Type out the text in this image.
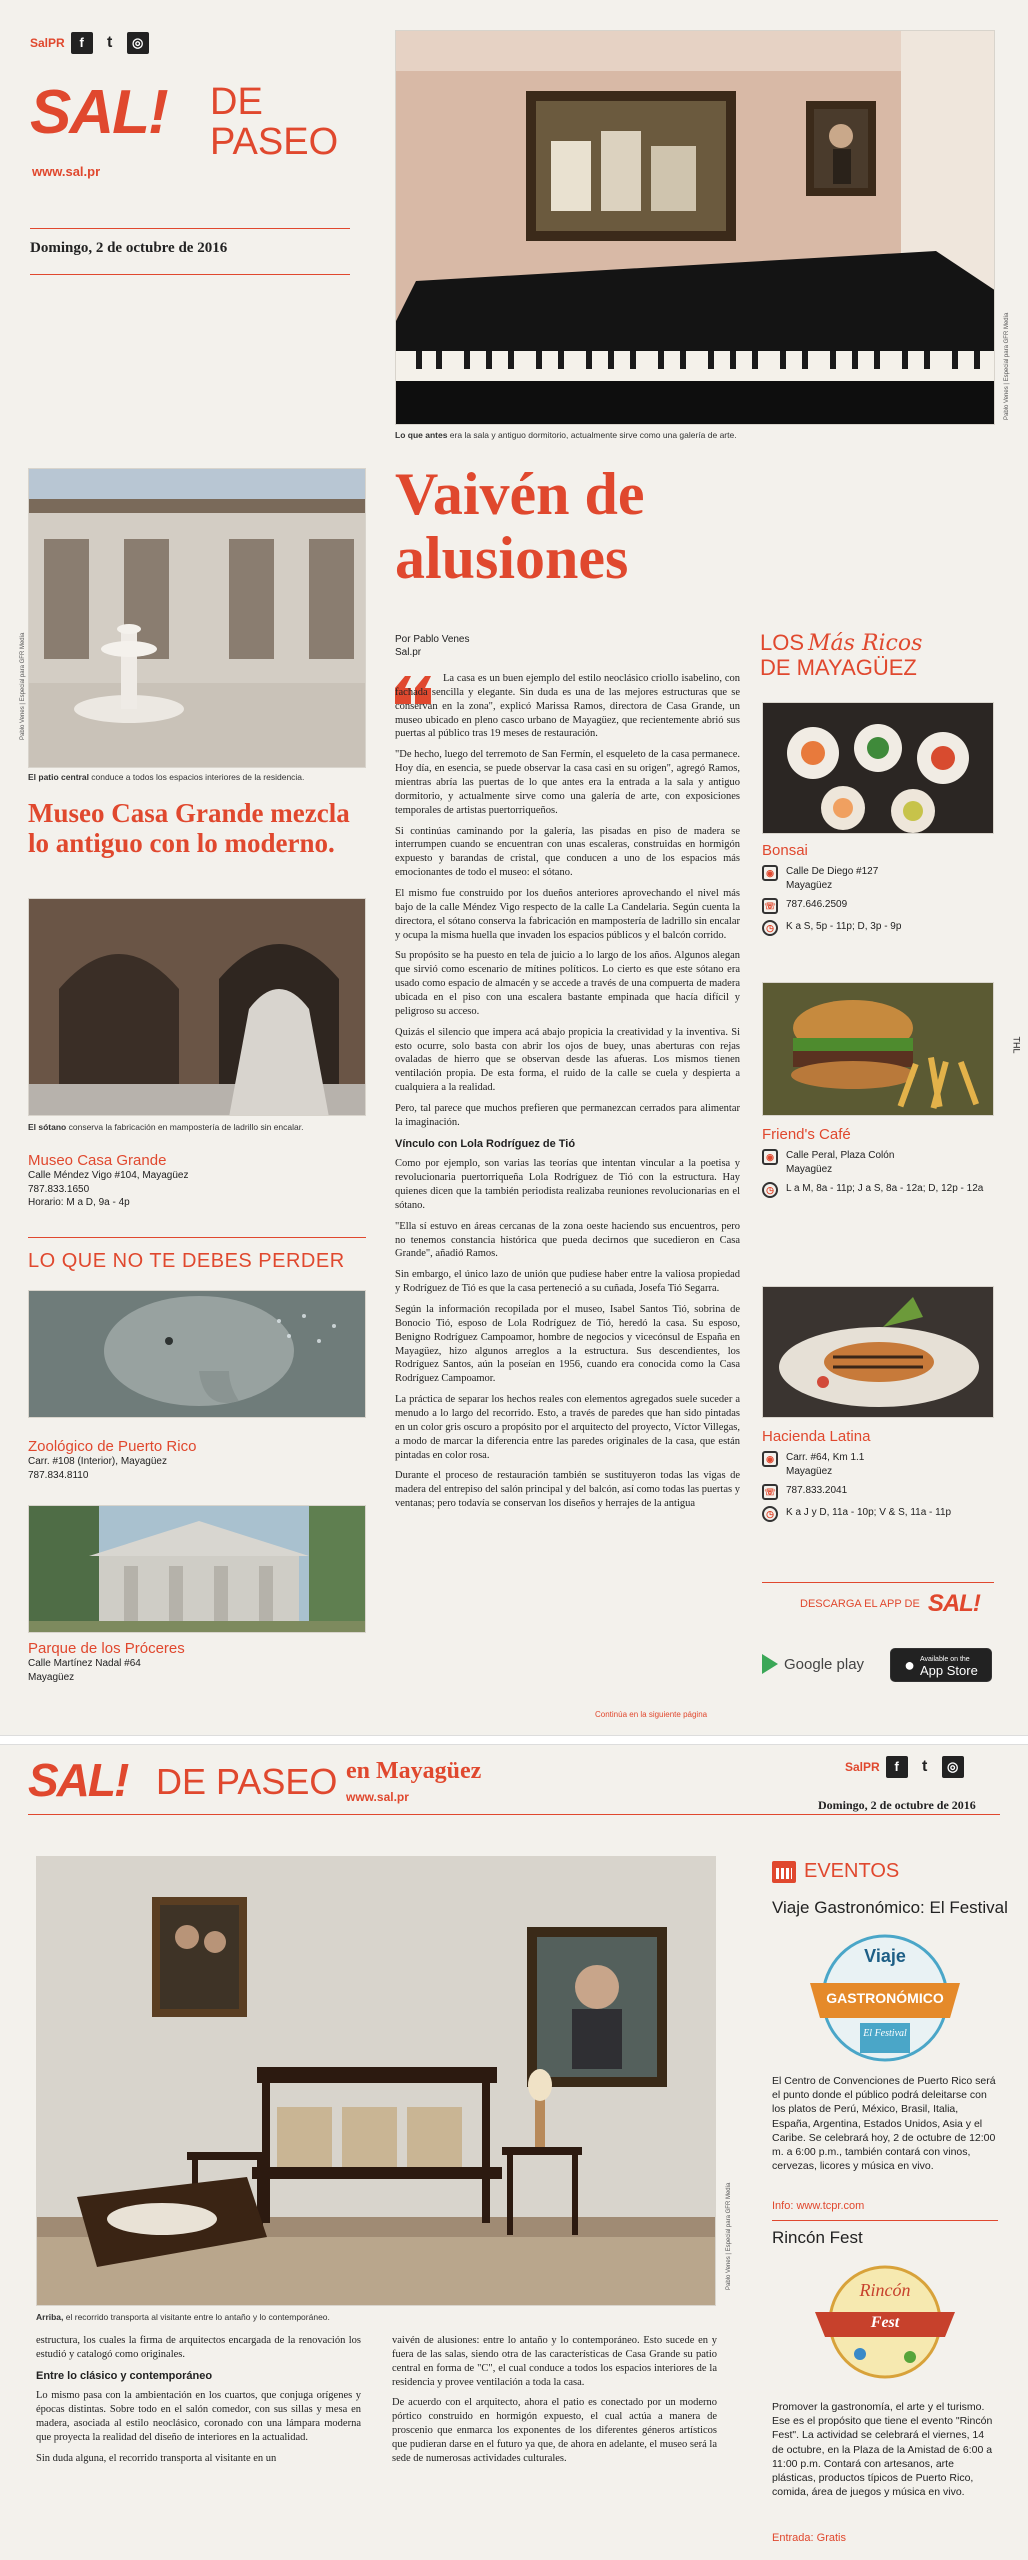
SalPR	f	t	◎
SAL! DE
PASEO
www.sal.pr
Domingo, 2 de octubre de 2016
Pablo Venes | Especial para GFR Media
Lo que antes era la sala y antiguo dormitorio, actualmente sirve como una galería de arte.
Pablo Venes | Especial para GFR Media
El patio central conduce a todos los espacios interiores de la residencia.
Museo Casa Grande mezcla lo antiguo con lo moderno.
El sótano conserva la fabricación en mampostería de ladrillo sin encalar.
Museo Casa Grande
Calle Méndez Vigo #104, Mayagüez
787.833.1650
Horario: M a D, 9a - 4p
LO QUE NO TE DEBES PERDER
Zoológico de Puerto Rico
Carr. #108 (Interior), Mayagüez
787.834.8110
Parque de los Próceres
Calle Martínez Nadal #64
Mayagüez
Vaivén de alusiones
Por Pablo Venes
Sal.pr

La casa es un buen ejemplo del estilo neoclásico criollo isabelino, con fachada sencilla y elegante. Sin duda es una de las mejores estructuras que se conservan en la zona", explicó Marissa Ramos, directora de Casa Grande, un museo ubicado en pleno casco urbano de Mayagüez, que recientemente abrió sus puertas al público tras 19 meses de restauración.

"De hecho, luego del terremoto de San Fermín, el esqueleto de la casa permanece. Hoy día, en esencia, se puede observar la casa casi en su origen", agregó Ramos, mientras abría las puertas de lo que antes era la entrada a la sala y antiguo dormitorio, y actualmente sirve como una galería de arte, con exposiciones temporales de artistas puertorriqueños.

Si continúas caminando por la galería, las pisadas en piso de madera se interrumpen cuando se encuentran con unas escaleras, construidas en hormigón expuesto y barandas de cristal, que conducen a uno de los espacios más emocionantes de todo el museo: el sótano.

El mismo fue construido por los dueños anteriores aprovechando el nivel más bajo de la calle Méndez Vigo respecto de la calle La Candelaria. Según cuenta la directora, el sótano conserva la fabricación en mampostería de ladrillo sin encalar y ocupa la misma huella que invaden los espacios públicos y el balcón corrido.

Su propósito se ha puesto en tela de juicio a lo largo de los años. Algunos alegan que sirvió como escenario de mítines políticos. Lo cierto es que este sótano era usado como espacio de almacén y se accede a través de una compuerta de madera ubicada en el piso con una escalera bastante empinada que hacía difícil y peligroso su acceso.

Quizás el silencio que impera acá abajo propicia la creatividad y la inventiva. Si esto ocurre, solo basta con abrir los ojos de buey, unas aberturas con rejas ovaladas de hierro que se observan desde las afueras. Los mismos tienen ventilación propia. De esta forma, el ruido de la calle se cuela y despierta a cualquiera a la realidad.

Pero, tal parece que muchos prefieren que permanezcan cerrados para alimentar la imaginación.

Vínculo con Lola Rodríguez de Tió

Como por ejemplo, son varias las teorías que intentan vincular a la poetisa y revolucionaria puertorriqueña Lola Rodríguez de Tió con la estructura. Hay quienes dicen que la también periodista realizaba reuniones revolucionarias en el sótano.

"Ella sí estuvo en áreas cercanas de la zona oeste haciendo sus encuentros, pero no tenemos constancia histórica que pueda decirnos que sucedieron en Casa Grande", añadió Ramos.

Sin embargo, el único lazo de unión que pudiese haber entre la valiosa propiedad y Rodríguez de Tió es que la casa perteneció a su cuñada, Josefa Tió Segarra.

Según la información recopilada por el museo, Isabel Santos Tió, sobrina de Bonocio Tió, esposo de Lola Rodríguez de Tió, heredó la casa. Su esposo, Benigno Rodríguez Campoamor, hombre de negocios y vicecónsul de España en Mayagüez, hizo algunos arreglos a la estructura. Sus descendientes, los Rodríguez Santos, aún la poseían en 1956, cuando era conocida como la Casa Rodríguez Campoamor.

La práctica de separar los hechos reales con elementos agregados suele suceder a menudo a lo largo del recorrido. Esto, a través de paredes que han sido pintadas en un color gris oscuro a propósito por el arquitecto del proyecto, Víctor Villegas, a modo de marcar la diferencia entre las paredes originales de la casa, que están pintadas en color rosa.

Durante el proceso de restauración también se sustituyeron todas las vigas de madera del entrepiso del salón principal y del balcón, así como todas las puertas y ventanas; pero todavía se conservan los diseños y herrajes de la antigua

Continúa en la siguiente página
LOS Más Ricos
DE MAYAGÜEZ
Bonsai
◉	Calle De Diego #127
Mayagüez
☏ 787.646.2509
◷	K a S, 5p - 11p; D, 3p - 9p
Friend's Café
◉	Calle Peral, Plaza Colón
Mayagüez
◷	L a M, 8a - 11p; J a S, 8a - 12a; D, 12p - 12a
Hacienda Latina
◉	Carr. #64, Km 1.1
Mayagüez
☏ 787.833.2041
◷	K a J y D, 11a - 10p; V & S, 11a - 11p
DESCARGA EL APP DE SAL!
Google play ● Available on the
App Store
THL
SAL! DE PASEO en Mayagüez
www.sal.pr
SalPR	f	t	◎
Domingo, 2 de octubre de 2016
Pablo Venes | Especial para GFR Media
Arriba, el recorrido transporta al visitante entre lo antaño y lo contemporáneo.

estructura, los cuales la firma de arquitectos encargada de la renovación los estudió y catalogó como originales.

Entre lo clásico y contemporáneo

Lo mismo pasa con la ambientación en los cuartos, que conjuga orígenes y épocas distintas. Sobre todo en el salón comedor, con sus sillas y mesa en madera, asociada al estilo neoclásico, coronado con una lámpara moderna que proyecta la realidad del diseño de interiores en la actualidad.

Sin duda alguna, el recorrido transporta al visitante en un

vaivén de alusiones: entre lo antaño y lo contemporáneo. Esto sucede en y fuera de las salas, siendo otra de las características de Casa Grande su patio central en forma de "C", el cual conduce a todos los espacios interiores de la residencia y provee ventilación a toda la casa.

De acuerdo con el arquitecto, ahora el patio es conectado por un moderno pórtico construido en hormigón expuesto, el cual actúa a manera de proscenio que enmarca los exponentes de los diferentes géneros artísticos que pudieran darse en el futuro ya que, de ahora en adelante, el museo será la sede de numerosas actividades culturales.

EVENTOS
Viaje Gastronómico: El Festival
Viaje
GASTRONÓMICO
El Festival
El Centro de Convenciones de Puerto Rico será el punto donde el público podrá deleitarse con los platos de Perú, México, Brasil, Italia, España, Argentina, Estados Unidos, Asia y el Caribe. Se celebrará hoy, 2 de octubre de 12:00 m. a 6:00 p.m., también contará con vinos, cervezas, licores y música en vivo.
Info: www.tcpr.com
Rincón Fest
Rincón
Fest
Promover la gastronomía, el arte y el turismo. Ese es el propósito que tiene el evento "Rincón Fest". La actividad se celebrará el viernes, 14 de octubre, en la Plaza de la Amistad de 6:00 a 11:00 p.m. Contará con artesanos, arte plásticas, productos típicos de Puerto Rico, comida, área de juegos y música en vivo.
Entrada: Gratis
